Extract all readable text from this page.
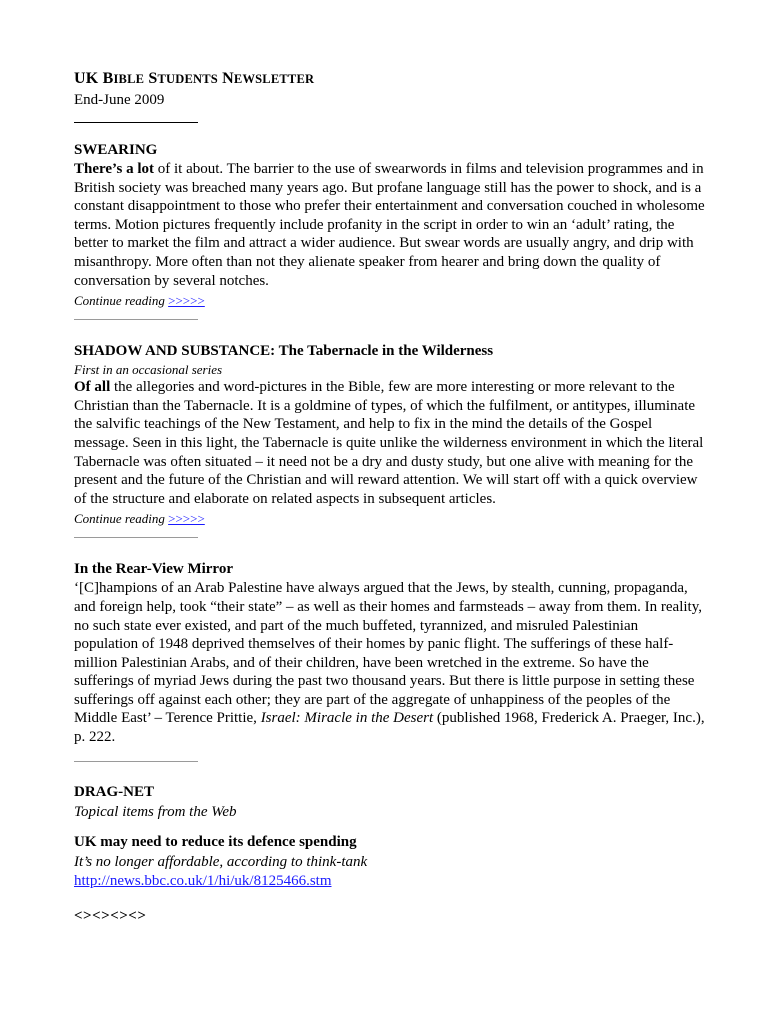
UK BIBLE STUDENTS NEWSLETTER
End-June 2009
SWEARING

There’s a lot of it about. The barrier to the use of swearwords in films and television programmes and in British society was breached many years ago. But profane language still has the power to shock, and is a constant disappointment to those who prefer their entertainment and conversation couched in wholesome terms. Motion pictures frequently include profanity in the script in order to win an ‘adult’ rating, the better to market the film and attract a wider audience. But swear words are usually angry, and drip with misanthropy. More often than not they alienate speaker from hearer and bring down the quality of conversation by several notches.

Continue reading >>>>>
SHADOW AND SUBSTANCE: The Tabernacle in the Wilderness
First in an occasional series

Of all the allegories and word-pictures in the Bible, few are more interesting or more relevant to the Christian than the Tabernacle. It is a goldmine of types, of which the fulfilment, or antitypes, illuminate the salvific teachings of the New Testament, and help to fix in the mind the details of the Gospel message. Seen in this light, the Tabernacle is quite unlike the wilderness environment in which the literal Tabernacle was often situated – it need not be a dry and dusty study, but one alive with meaning for the present and the future of the Christian and will reward attention. We will start off with a quick overview of the structure and elaborate on related aspects in subsequent articles.

Continue reading >>>>>
In the Rear-View Mirror

‘[C]hampions of an Arab Palestine have always argued that the Jews, by stealth, cunning, propaganda, and foreign help, took “their state” – as well as their homes and farmsteads – away from them. In reality, no such state ever existed, and part of the much buffeted, tyrannized, and misruled Palestinian population of 1948 deprived themselves of their homes by panic flight. The sufferings of these half-million Palestinian Arabs, and of their children, have been wretched in the extreme. So have the sufferings of myriad Jews during the past two thousand years. But there is little purpose in setting these sufferings off against each other; they are part of the aggregate of unhappiness of the peoples of the Middle East’ – Terence Prittie, Israel: Miracle in the Desert (published 1968, Frederick A. Praeger, Inc.), p. 222.

DRAG-NET
Topical items from the Web
UK may need to reduce its defence spending
It’s no longer affordable, according to think-tank
http://news.bbc.co.uk/1/hi/uk/8125466.stm
<><><><>
